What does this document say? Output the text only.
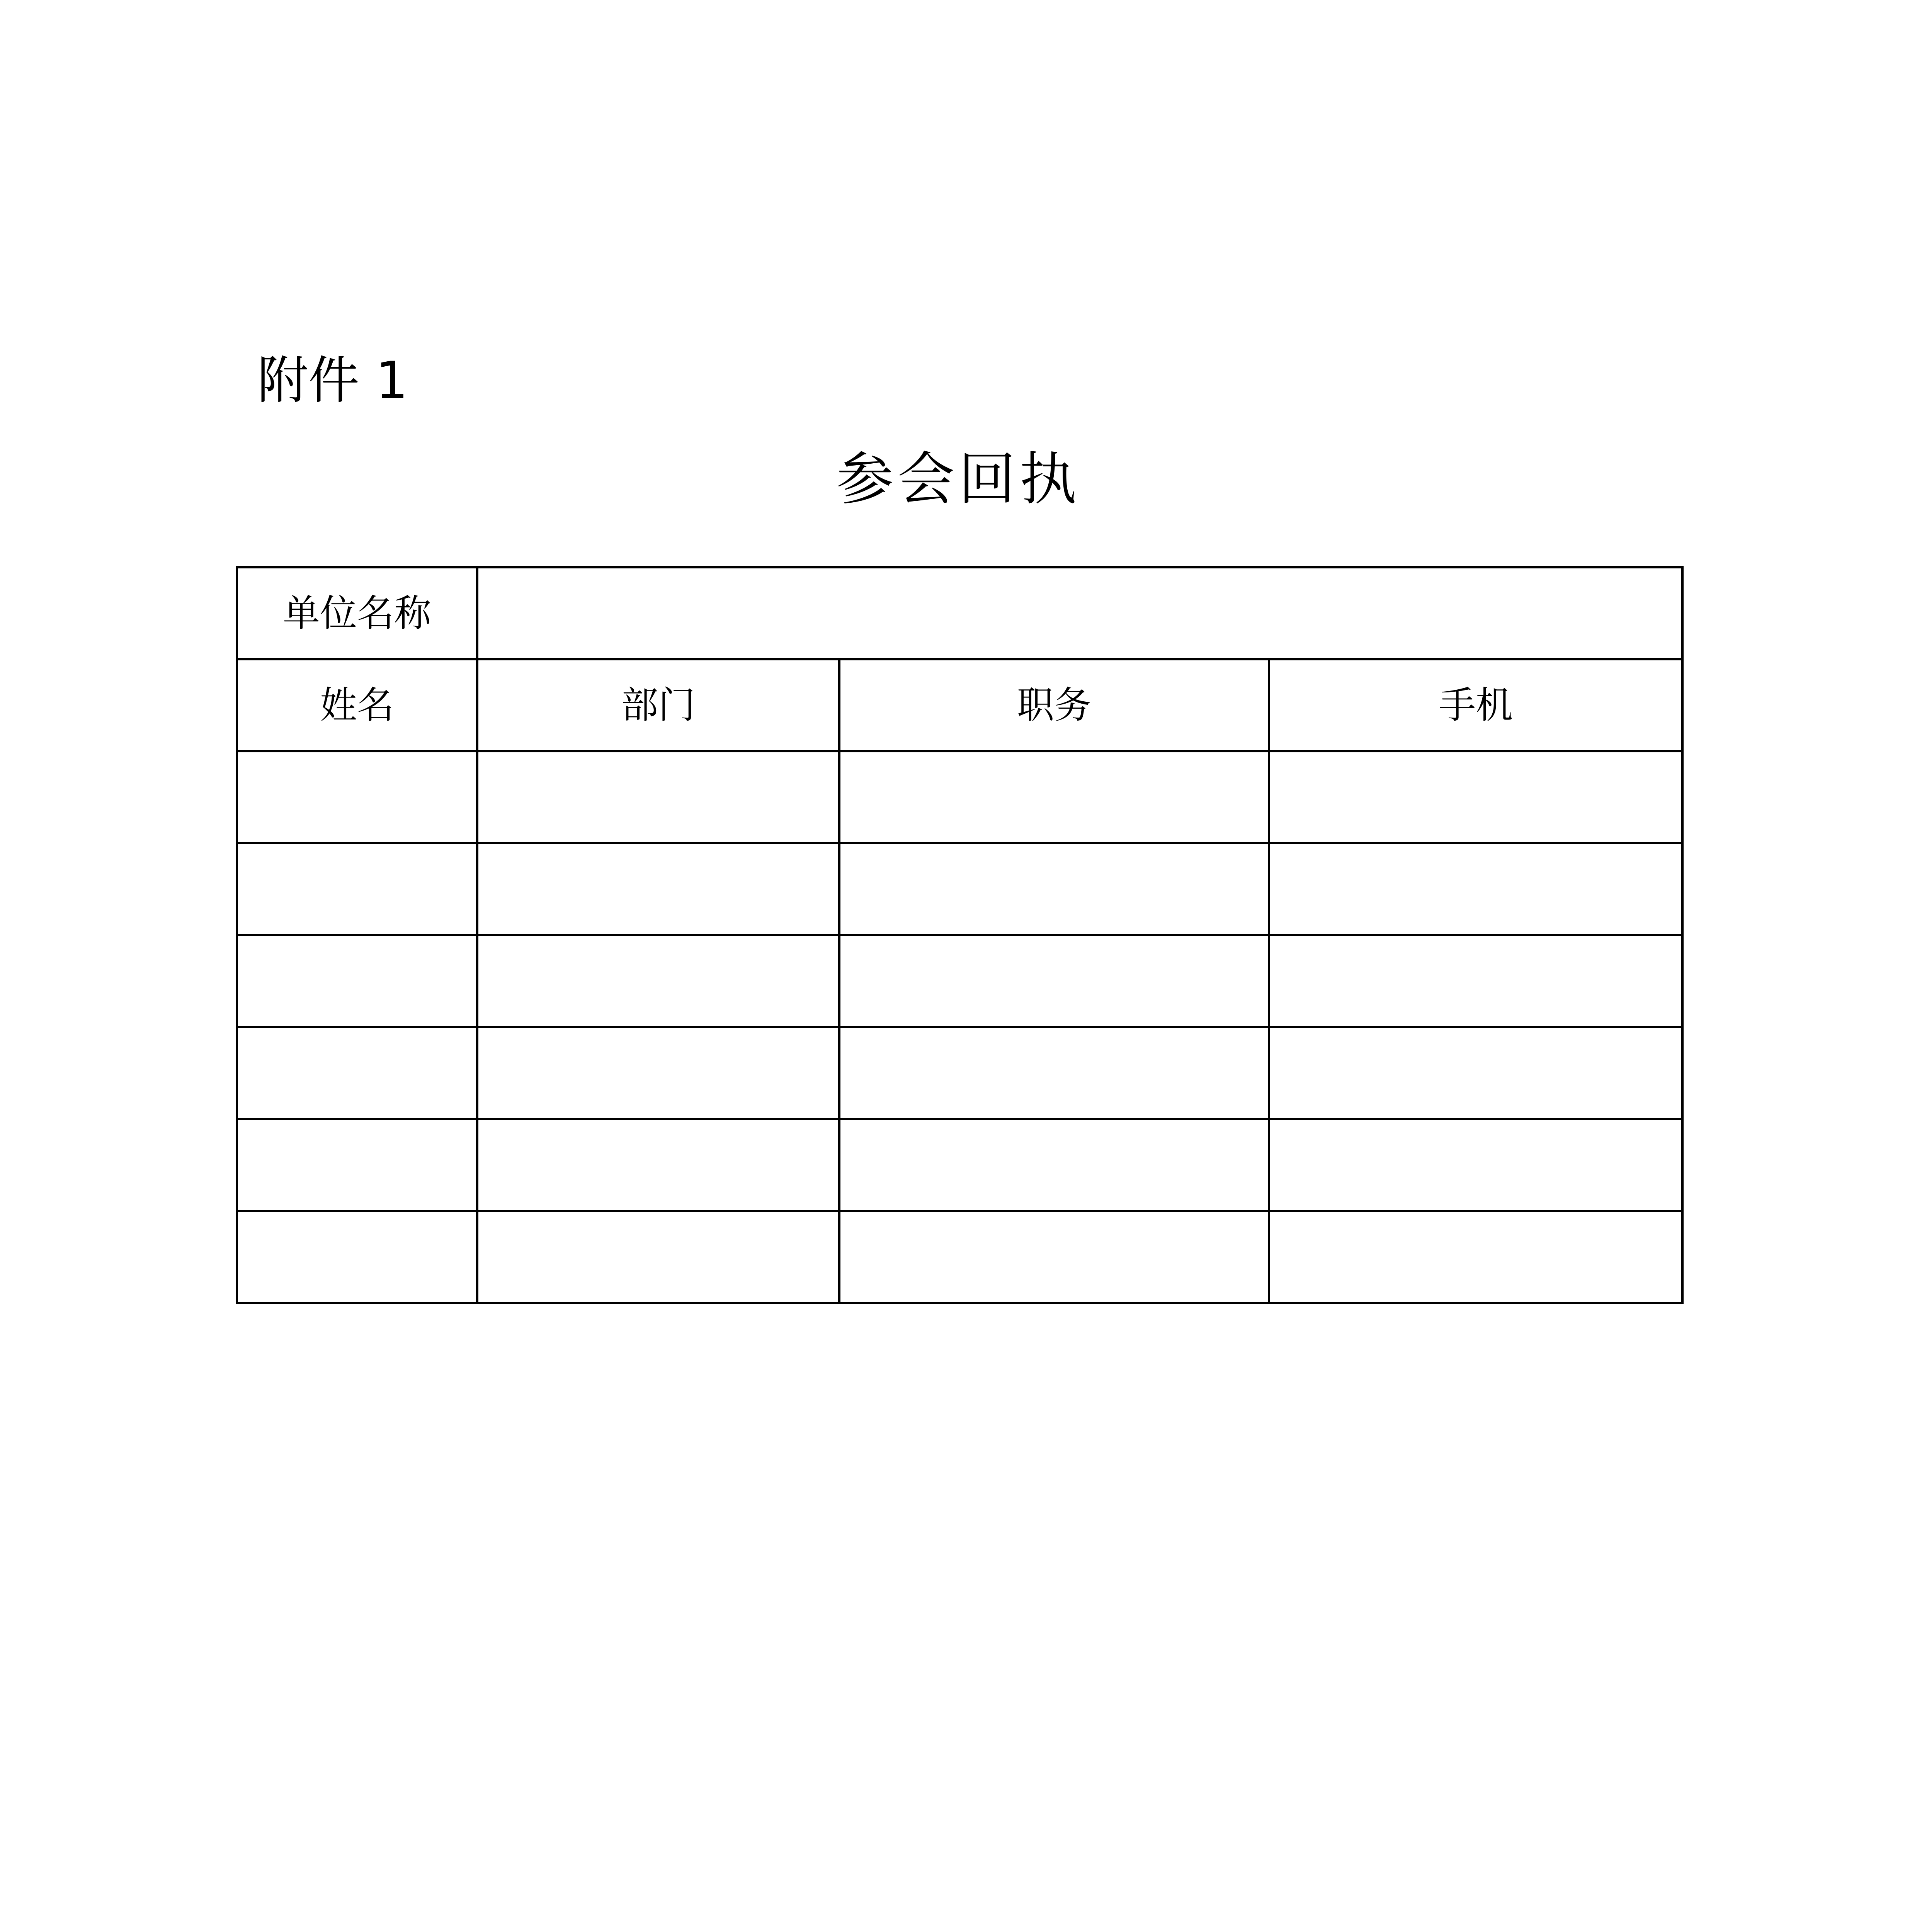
附件 1
参会回执
单位名称			
姓名	部门	职务	手机
